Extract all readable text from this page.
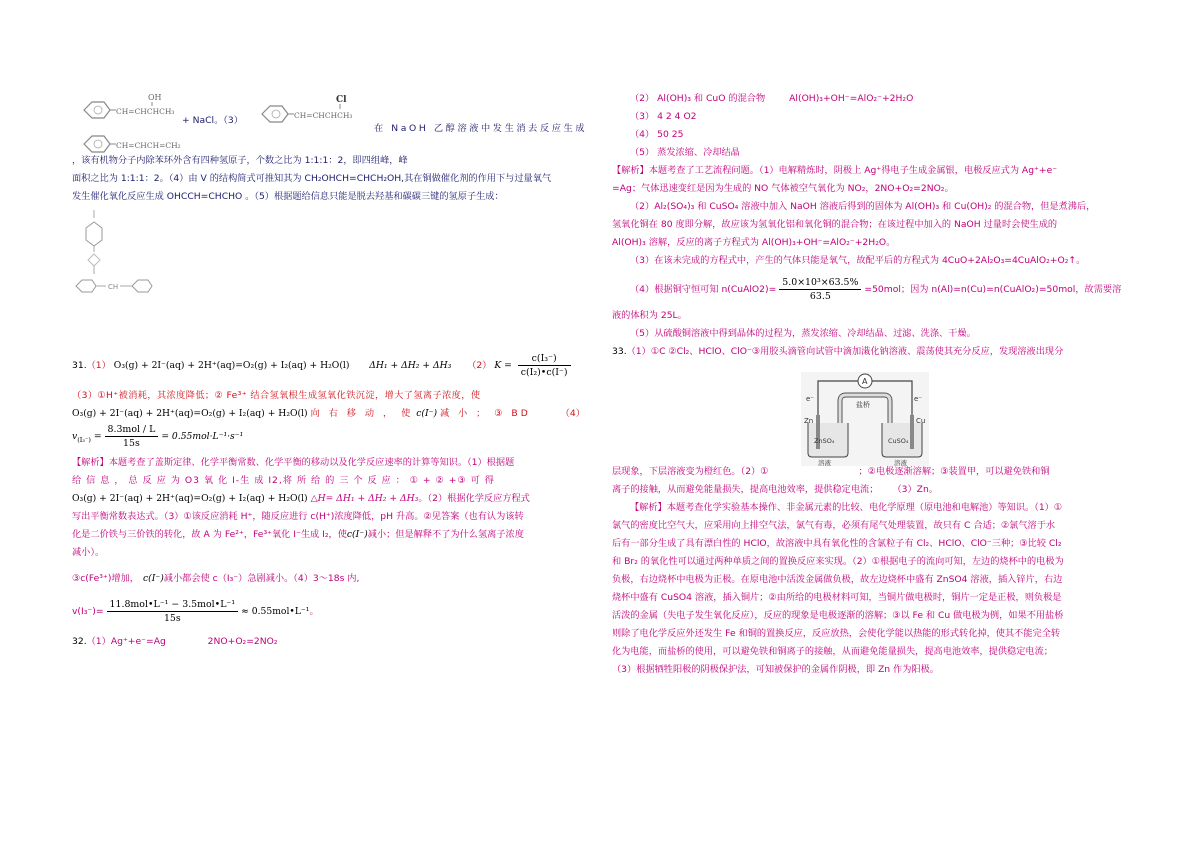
OH
CH=CHCHCH₃
+ NaCl。（3）
Cl
CH=CHCHCH₃
在 NaOH 乙醇溶液中发生消去反应生成
CH=CHCH=CH₂

，该有机物分子内除苯环外含有四种氢原子，个数之比为 1:1:1：2，即四组峰，峰

面积之比为 1:1:1：2。（4）由 V 的结构简式可推知其为 CH₂OHCH=CHCH₂OH,其在铜做催化剂的作用下与过量氧气

发生催化氧化反应生成 OHCCH=CHCHO 。（5）根据题给信息只能是脱去羟基和碳碳三键的氢原子生成：

CH

31.（1） O₃(g) + 2I⁻(aq) + 2H⁺(aq)=O₂(g) + I₂(aq) + H₂O(l) ΔH₁ + ΔH₂ + ΔH₃ （2） $K = \frac{\text{c(I₃⁻)}}{\text{c(I₂)•c(I⁻)}}$

（3）①H⁺被消耗，其浓度降低；② Fe³⁺ 结合氢氧根生成氢氧化铁沉淀，增大了氢离子浓度，使

O₃(g) + 2I⁻(aq) + 2H⁺(aq)=O₂(g) + I₂(aq) + H₂O(l) 向 右 移 动 ， 使 c(I⁻) 减 小 ； ③ BD	（4）

$v_{(I_3^-)} = \frac{\text{8.3mol / L}}{15s} = 0.55mol\cdot L^{-1}\cdot s^{-1}$

【解析】本题考查了盖斯定律、化学平衡常数、化学平衡的移动以及化学反应速率的计算等知识。（1）根据题

给 信 息 ， 总 反 应 为 O3 氧 化 I-生 成 I2,将 所 给 的 三 个 反 应 ： ① + ② +③ 可 得

O₃(g) + 2I⁻(aq) + 2H⁺(aq)=O₂(g) + I₂(aq) + H₂O(l) △H= ΔH₁ + ΔH₂ + ΔH₃。（2）根据化学反应方程式

写出平衡常数表达式。（3）①该反应消耗 H⁺，随反应进行 c(H⁺)浓度降低，pH 升高。②见答案（也有认为该转

化是二价铁与三价铁的转化，故 A 为 Fe²⁺，Fe³⁺氧化 I⁻生成 I₂，使c(I⁻)减小；但是解释不了为什么氢离子浓度

减小）。

③c(Fe³⁺)增加， c(I⁻)减小都会使 c（I₃⁻）急剧减小。（4）3～18s 内,

$v(I_3^-)= \frac{\text{11.8mol•L⁻¹ − 3.5mol•L⁻¹}}{15s}$ ≈ 0.55mol•L⁻¹。

32.（1）Ag⁺+e⁻=Ag	2NO+O₂=2NO₂

（2） Al(OH)₃ 和 CuO 的混合物	Al(OH)₃+OH⁻=AlO₂⁻+2H₂O

（3） 4 2 4 O2

（4） 50 25

（5） 蒸发浓缩、冷却结晶

【解析】本题考查了工艺流程问题。（1）电解精炼时，阴极上 Ag⁺得电子生成金属银，电极反应式为 Ag⁺+e⁻

=Ag；气体迅速变红是因为生成的 NO 气体被空气氧化为 NO₂，2NO+O₂=2NO₂。

（2）Al₂(SO₄)₃ 和 CuSO₄ 溶液中加入 NaOH 溶液后得到的固体为 Al(OH)₃ 和 Cu(OH)₂ 的混合物，但是煮沸后，

氢氧化铜在 80 度即分解，故应该为氢氧化铝和氧化铜的混合物；在该过程中加入的 NaOH 过量时会使生成的

Al(OH)₃ 溶解，反应的离子方程式为 Al(OH)₃+OH⁻=AlO₂⁻+2H₂O。

（3）在该未完成的方程式中，产生的气体只能是氧气，故配平后的方程式为 4CuO+2Al₂O₃=4CuAlO₂+O₂↑。

（4）根据铜守恒可知 n(CuAlO2)= $\frac{\text{5.0×10³×63.5\%}}{63.5} =50mol$；因为 n(Al)=n(Cu)=n(CuAlO₂)=50mol，故需要溶

液的体积为 25L。

（5）从硫酸铜溶液中得到晶体的过程为，蒸发浓缩、冷却结晶、过滤、洗涤、干燥。

33.（1）①C ②Cl₂、HClO、ClO⁻③用胶头滴管向试管中滴加溨化钠溶液、震荡使其充分反应，发现溶液出现分

A
e⁻	e⁻
盐桥
Zn	Cu
ZnSO₄	CuSO₄
溶液	溶液

层现象，下层溶液变为橙红色。（2）①	；②电极逐渐溶解；③装置甲，可以避免铁和铜

离子的接触，从而避免能量损失，提高电池效率，提供稳定电流； （3）Zn。

【解析】本题考查化学实验基本操作、非金属元素的比较、电化学原理（原电池和电解池）等知识。（1）①

氯气的密度比空气大，应采用向上排空气法，氯气有毒，必须有尾气处理装置，故只有 C 合适；②氯气溶于水

后有一部分生成了具有漂白性的 HClO，故溶液中具有氧化性的含氯粒子有 Cl₂、HClO、ClO⁻三种；③比较 Cl₂

和 Br₂ 的氧化性可以通过两种单质之间的置换反应来实现。（2）①根据电子的流向可知，左边的烧杯中的电极为

负极，右边烧杯中电极为正极。在原电池中活泼金属做负极，故左边烧杯中盛有 ZnSO4 溶液，插入锌片，右边

烧杯中盛有 CuSO4 溶液，插入铜片；②由所给的电极材料可知，当铜片做电极时，铜片一定是正极，则负极是

活泼的金属（失电子发生氧化反应），反应的现象是电极逐渐的溶解；③以 Fe 和 Cu 做电极为例，如果不用盐桥

则除了电化学反应外还发生 Fe 和铜的置换反应，反应放热，会使化学能以热能的形式转化掉，使其不能完全转

化为电能，而盐桥的使用，可以避免铁和铜离子的接触，从而避免能量损失，提高电池效率，提供稳定电流；

（3）根据牺牲阳极的阴极保护法，可知被保护的金属作阴极，即 Zn 作为阳极。
